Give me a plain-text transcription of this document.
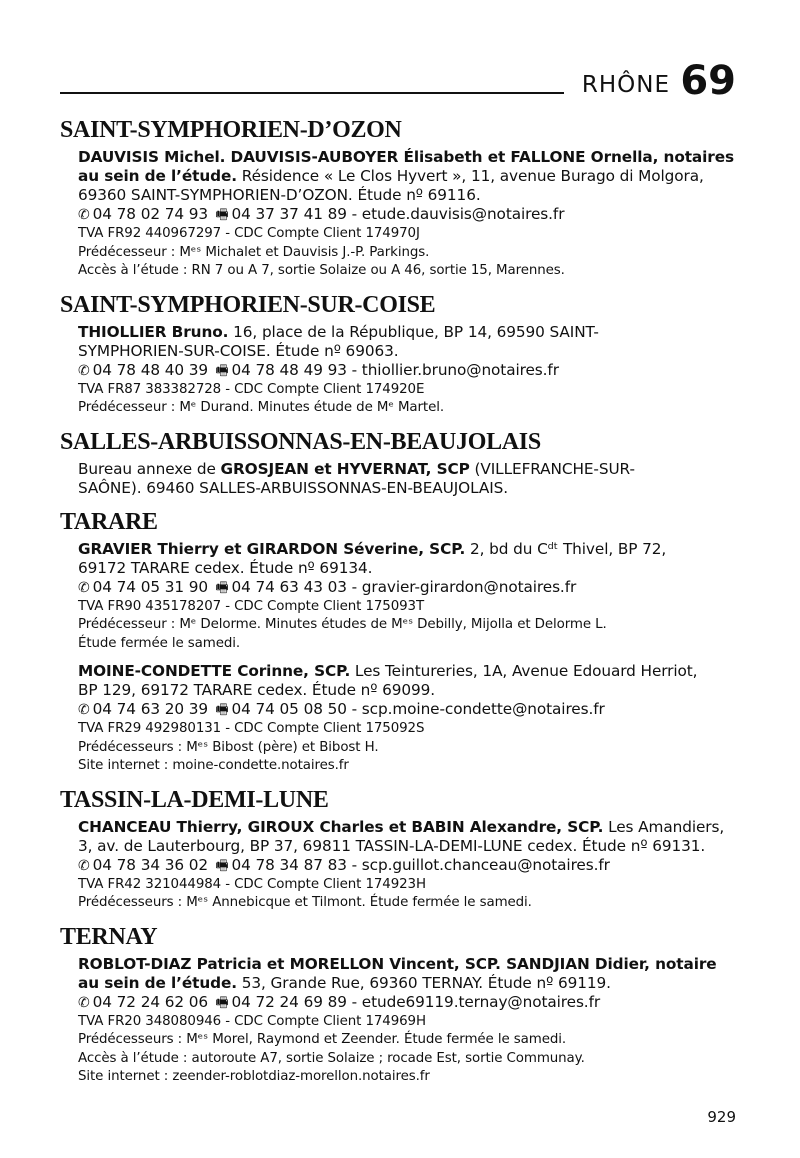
RHÔNE 69
SAINT-SYMPHORIEN-D’OZON
DAUVISIS Michel. DAUVISIS-AUBOYER Élisabeth et FALLONE Ornella, notaires
au sein de l’étude. Résidence « Le Clos Hyvert », 11, avenue Burago di Molgora,
69360 SAINT-SYMPHORIEN-D’OZON. Étude nº 69116.
✆ 04 78 02 74 93 🖷 04 37 37 41 89 - etude.dauvisis@notaires.fr
TVA FR92 440967297 - CDC Compte Client 174970J
Prédécesseur : Mᵉˢ Michalet et Dauvisis J.-P. Parkings.
Accès à l’étude : RN 7 ou A 7, sortie Solaize ou A 46, sortie 15, Marennes.
SAINT-SYMPHORIEN-SUR-COISE
THIOLLIER Bruno. 16, place de la République, BP 14, 69590 SAINT-
SYMPHORIEN-SUR-COISE. Étude nº 69063.
✆ 04 78 48 40 39 🖷 04 78 48 49 93 - thiollier.bruno@notaires.fr
TVA FR87 383382728 - CDC Compte Client 174920E
Prédécesseur : Mᵉ Durand. Minutes étude de Mᵉ Martel.
SALLES-ARBUISSONNAS-EN-BEAUJOLAIS
Bureau annexe de GROSJEAN et HYVERNAT, SCP (VILLEFRANCHE-SUR-
SAÔNE). 69460 SALLES-ARBUISSONNAS-EN-BEAUJOLAIS.
TARARE
GRAVIER Thierry et GIRARDON Séverine, SCP. 2, bd du Cᵈᵗ Thivel, BP 72,
69172 TARARE cedex. Étude nº 69134.
✆ 04 74 05 31 90 🖷 04 74 63 43 03 - gravier-girardon@notaires.fr
TVA FR90 435178207 - CDC Compte Client 175093T
Prédécesseur : Mᵉ Delorme. Minutes études de Mᵉˢ Debilly, Mijolla et Delorme L.
Étude fermée le samedi.
MOINE-CONDETTE Corinne, SCP. Les Teintureries, 1A, Avenue Edouard Herriot,
BP 129, 69172 TARARE cedex. Étude nº 69099.
✆ 04 74 63 20 39 🖷 04 74 05 08 50 - scp.moine-condette@notaires.fr
TVA FR29 492980131 - CDC Compte Client 175092S
Prédécesseurs : Mᵉˢ Bibost (père) et Bibost H.
Site internet : moine-condette.notaires.fr
TASSIN-LA-DEMI-LUNE
CHANCEAU Thierry, GIROUX Charles et BABIN Alexandre, SCP. Les Amandiers,
3, av. de Lauterbourg, BP 37, 69811 TASSIN-LA-DEMI-LUNE cedex. Étude nº 69131.
✆ 04 78 34 36 02 🖷 04 78 34 87 83 - scp.guillot.chanceau@notaires.fr
TVA FR42 321044984 - CDC Compte Client 174923H
Prédécesseurs : Mᵉˢ Annebicque et Tilmont. Étude fermée le samedi.
TERNAY
ROBLOT-DIAZ Patricia et MORELLON Vincent, SCP. SANDJIAN Didier, notaire
au sein de l’étude. 53, Grande Rue, 69360 TERNAY. Étude nº 69119.
✆ 04 72 24 62 06 🖷 04 72 24 69 89 - etude69119.ternay@notaires.fr
TVA FR20 348080946 - CDC Compte Client 174969H
Prédécesseurs : Mᵉˢ Morel, Raymond et Zeender. Étude fermée le samedi.
Accès à l’étude : autoroute A7, sortie Solaize ; rocade Est, sortie Communay.
Site internet : zeender-roblotdiaz-morellon.notaires.fr
929
